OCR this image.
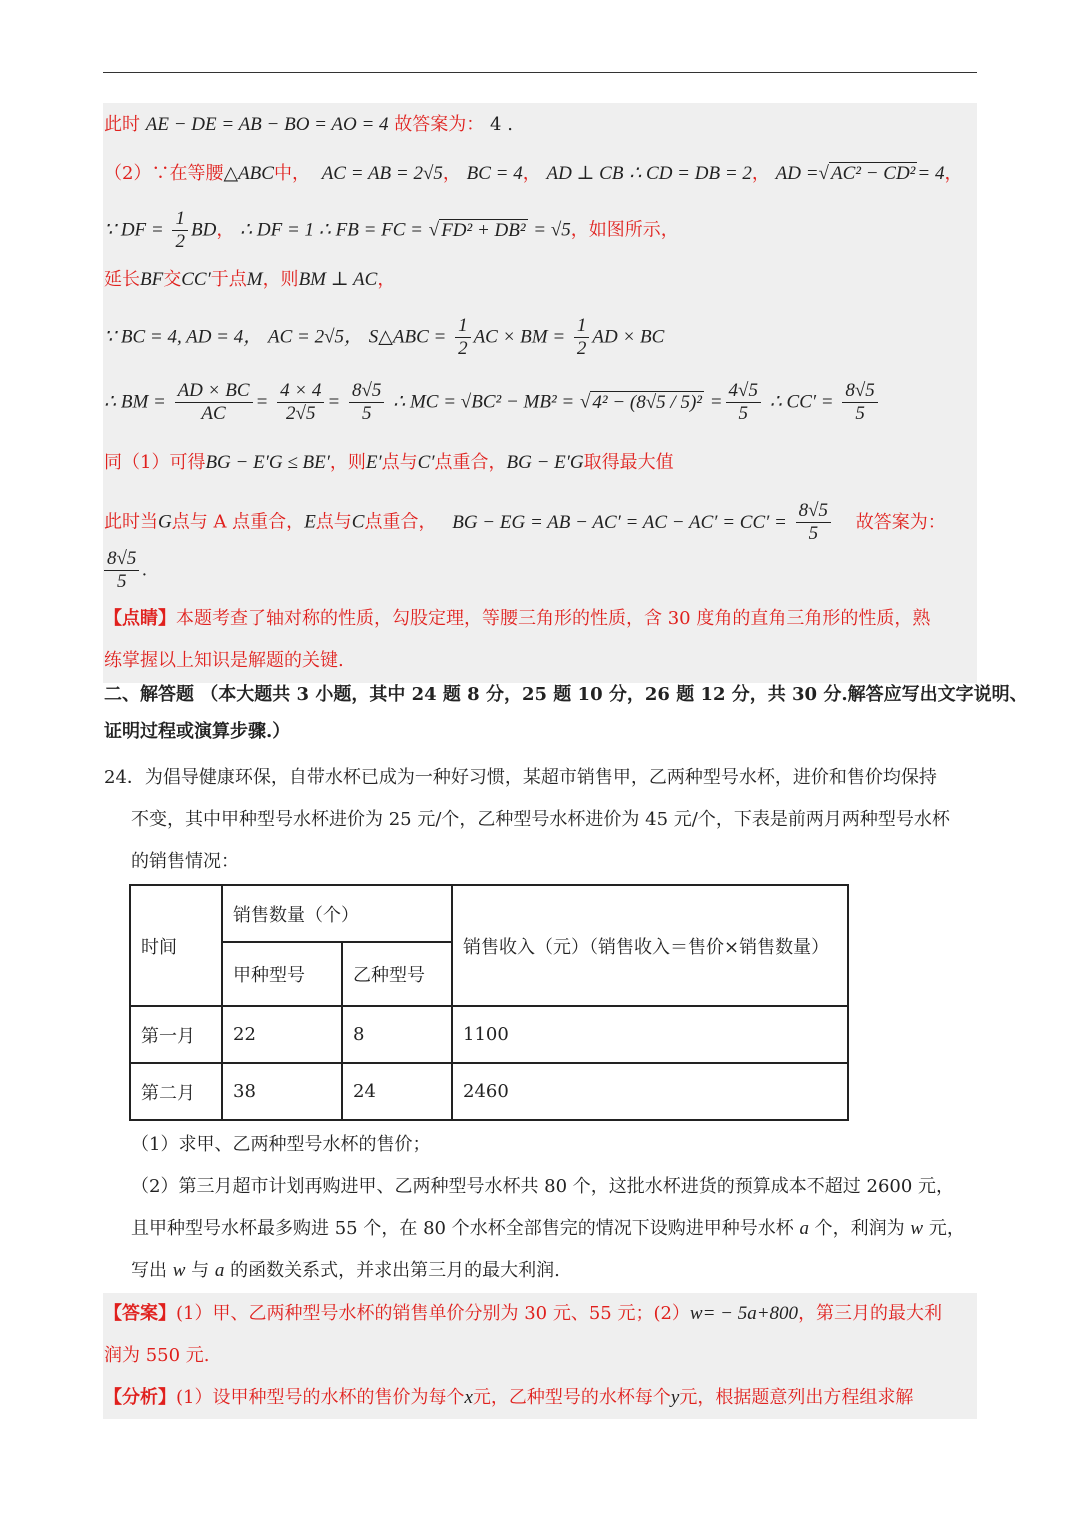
此时 AE − DE = AB − BO = AO = 4 故答案为： 4 .
（2）∵在等腰△ABC中， AC = AB = 2√5， BC = 4， AD ⊥ CB ∴ CD = DB = 2， AD =√ AC² − CD² = 4，
∵ DF = $\frac{1}{2}$ BD， ∴ DF = 1 ∴ FB = FC = √ FD² + DB² = √5，如图所示，
延长BF交CC′于点M，则BM ⊥ AC，
∵ BC = 4, AD = 4， AC = 2√5， S△ABC = $\frac{1}{2}$ AC × BM = $\frac{1}{2}$ AD × BC
∴ BM = $\frac{AD \times BC}{AC} = \frac{4 \times 4}{2√5} = \frac{8√5}{5}$ ∴ MC = √BC² − MB² = √ $4^2 - (8√5 / 5)^2 = \frac{4√5}{5}$ ∴ $CC' = \frac{8√5}{5}$
同（1）可得BG − E′G ≤ BE′，则E′点与C′点重合，BG − E′G取得最大值
此时当G点与 A 点重合，E点与C点重合， BG − EG = AB − AC′ = AC − $AC' = CC' = \frac{8√5}{5}$ 故答案为：
$\frac{8√5}{5}$ .
【点睛】本题考查了轴对称的性质，勾股定理，等腰三角形的性质，含 30 度角的直角三角形的性质，熟
练掌握以上知识是解题的关键.
二、解答题 （本大题共 3 小题，其中 24 题 8 分，25 题 10 分，26 题 12 分，共 30 分.解答应写出文字说明、
证明过程或演算步骤.）
24．为倡导健康环保，自带水杯已成为一种好习惯，某超市销售甲，乙两种型号水杯，进价和售价均保持
不变，其中甲种型号水杯进价为 25 元/个，乙种型号水杯进价为 45 元/个，下表是前两月两种型号水杯
的销售情况：
时间	销售数量（个）		销售收入（元）（销售收入＝售价×销售数量）
	甲种型号	乙种型号	
第一月	22	8	1100
第二月	38	24	2460
（1）求甲、乙两种型号水杯的售价；
（2）第三月超市计划再购进甲、乙两种型号水杯共 80 个，这批水杯进货的预算成本不超过 2600 元，
且甲种型号水杯最多购进 55 个，在 80 个水杯全部售完的情况下设购进甲种号水杯 a 个，利润为 w 元，
写出 w 与 a 的函数关系式，并求出第三月的最大利润.
【答案】(1）甲、乙两种型号水杯的销售单价分别为 30 元、55 元；(2）w= − 5a+800，第三月的最大利
润为 550 元.
【分析】(1）设甲种型号的水杯的售价为每个x元，乙种型号的水杯每个y元，根据题意列出方程组求解
